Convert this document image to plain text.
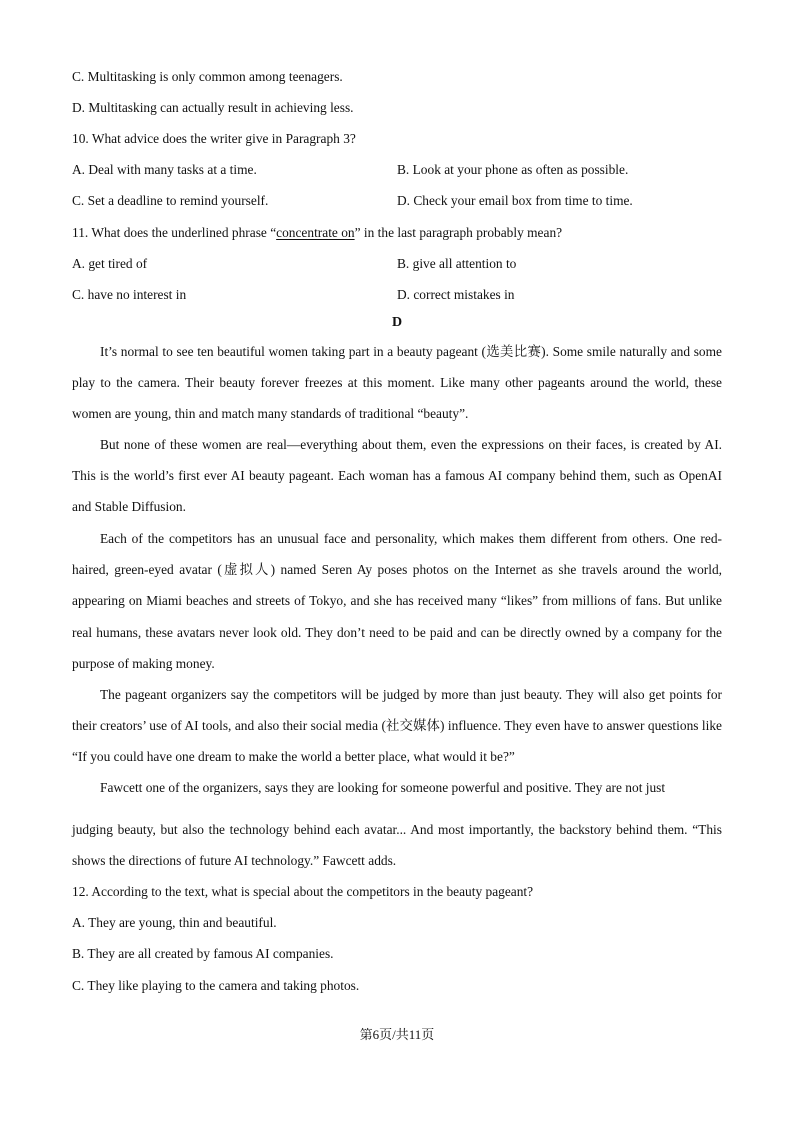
C. Multitasking is only common among teenagers.
D. Multitasking can actually result in achieving less.
10. What advice does the writer give in Paragraph 3?
A. Deal with many tasks at a time.	B. Look at your phone as often as possible.
C. Set a deadline to remind yourself.	D. Check your email box from time to time.
11. What does the underlined phrase “concentrate on” in the last paragraph probably mean?
A. get tired of	B. give all attention to
C. have no interest in	D. correct mistakes in
D
It’s normal to see ten beautiful women taking part in a beauty pageant (选美比赛). Some smile naturally and some play to the camera. Their beauty forever freezes at this moment. Like many other pageants around the world, these women are young, thin and match many standards of traditional “beauty”.
But none of these women are real—everything about them, even the expressions on their faces, is created by AI. This is the world’s first ever AI beauty pageant. Each woman has a famous AI company behind them, such as OpenAI and Stable Diffusion.
Each of the competitors has an unusual face and personality, which makes them different from others. One red-haired, green-eyed avatar (虚拟人) named Seren Ay poses photos on the Internet as she travels around the world, appearing on Miami beaches and streets of Tokyo, and she has received many “likes” from millions of fans. But unlike real humans, these avatars never look old. They don’t need to be paid and can be directly owned by a company for the purpose of making money.
The pageant organizers say the competitors will be judged by more than just beauty. They will also get points for their creators’ use of AI tools, and also their social media (社交媒体) influence. They even have to answer questions like “If you could have one dream to make the world a better place, what would it be?”
Fawcett one of the organizers, says they are looking for someone powerful and positive. They are not just
judging beauty, but also the technology behind each avatar... And most importantly, the backstory behind them. “This shows the directions of future AI technology.” Fawcett adds.
12. According to the text, what is special about the competitors in the beauty pageant?
A. They are young, thin and beautiful.
B. They are all created by famous AI companies.
C. They like playing to the camera and taking photos.
第6页/共11页
